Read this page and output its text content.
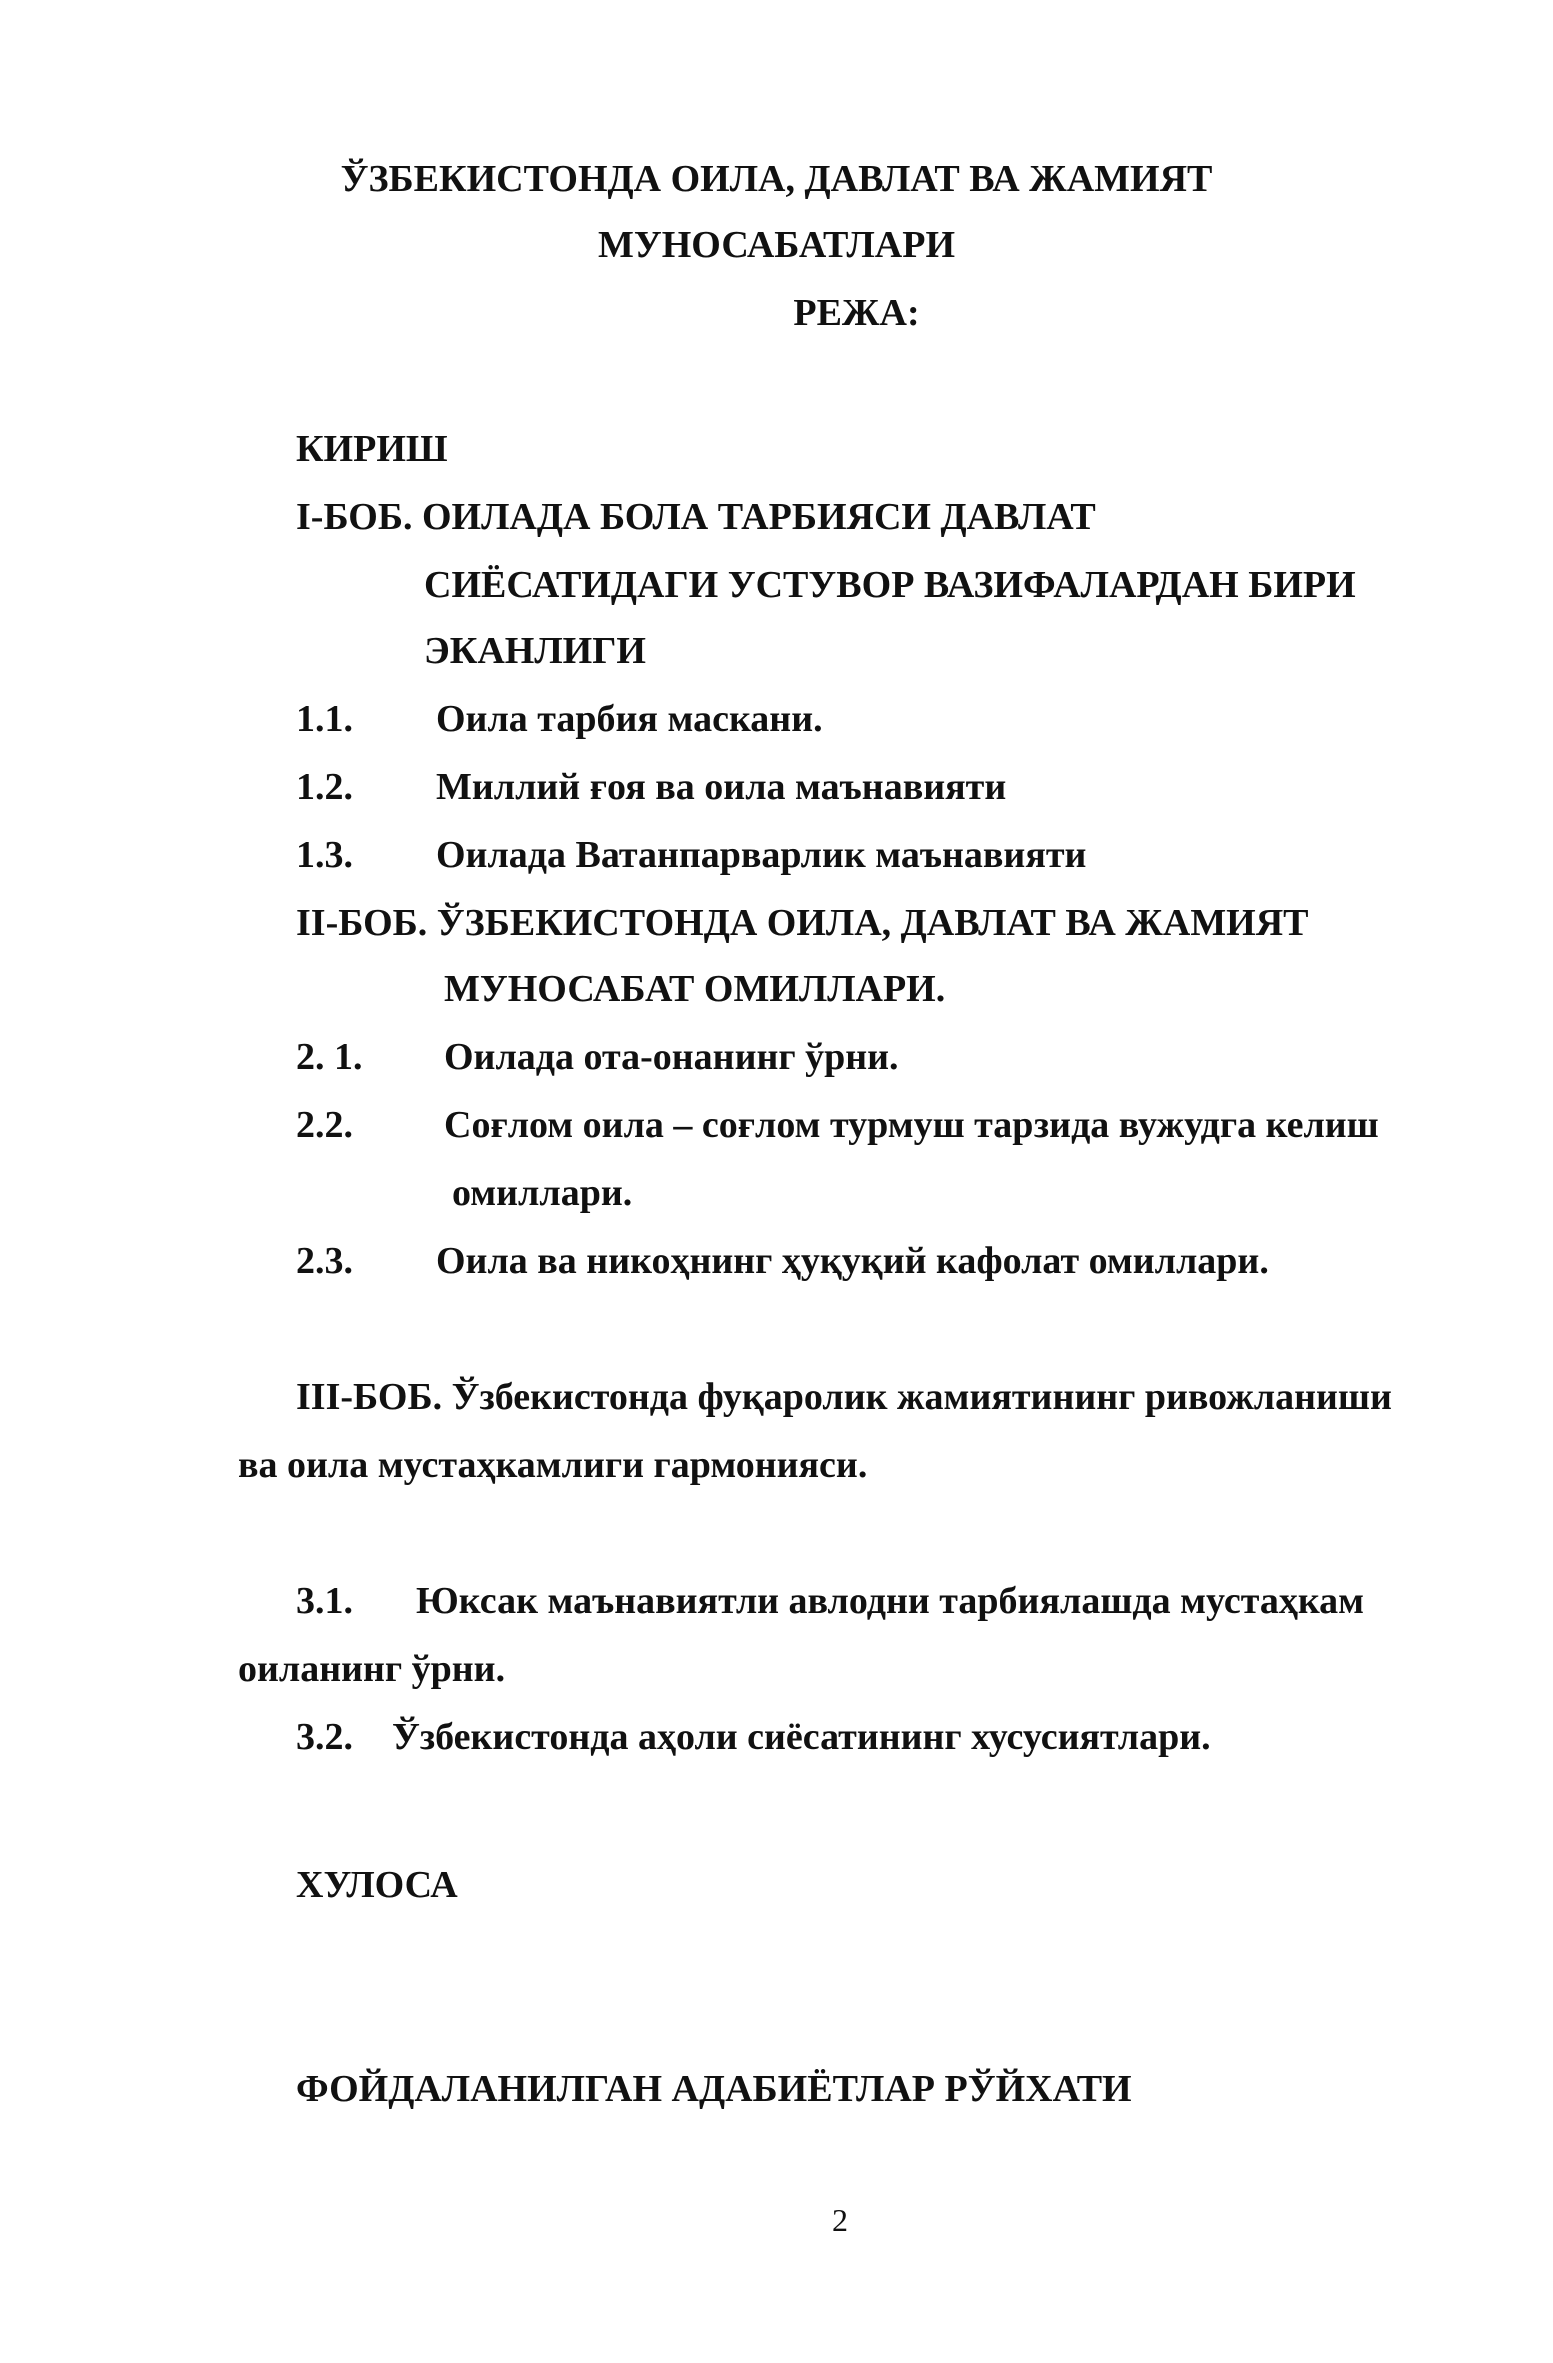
ЎЗБЕКИСТОНДА ОИЛА, ДАВЛАТ ВА ЖАМИЯТ
МУНОСАБАТЛАРИ
РЕЖА:
КИРИШ
I-БОБ. ОИЛАДА БОЛА ТАРБИЯСИ ДАВЛАТ
СИЁСАТИДАГИ УСТУВОР ВАЗИФАЛАРДАН БИРИ
ЭКАНЛИГИ
1.1. Оила тарбия маскани.
1.2. Миллий ғоя ва оила маънавияти
1.3. Оилада Ватанпарварлик маънавияти
II-БОБ. ЎЗБЕКИСТОНДА ОИЛА, ДАВЛАТ ВА ЖАМИЯТ
МУНОСАБАТ ОМИЛЛАРИ.
2. 1. Оилада ота-онанинг ўрни.
2.2. Соғлом оила – соғлом турмуш тарзида вужудга келиш
омиллари.
2.3. Оила ва никоҳнинг ҳуқуқий кафолат омиллари.
III-БОБ. Ўзбекистонда фуқаролик жамиятининг ривожланиши
ва оила мустаҳкамлиги гармонияси.
3.1. Юксак маънавиятли авлодни тарбиялашда мустаҳкам
оиланинг ўрни.
3.2. Ўзбекистонда аҳоли сиёсатининг хусусиятлари.
ХУЛОСА
ФОЙДАЛАНИЛГАН АДАБИЁТЛАР РЎЙХАТИ
2
